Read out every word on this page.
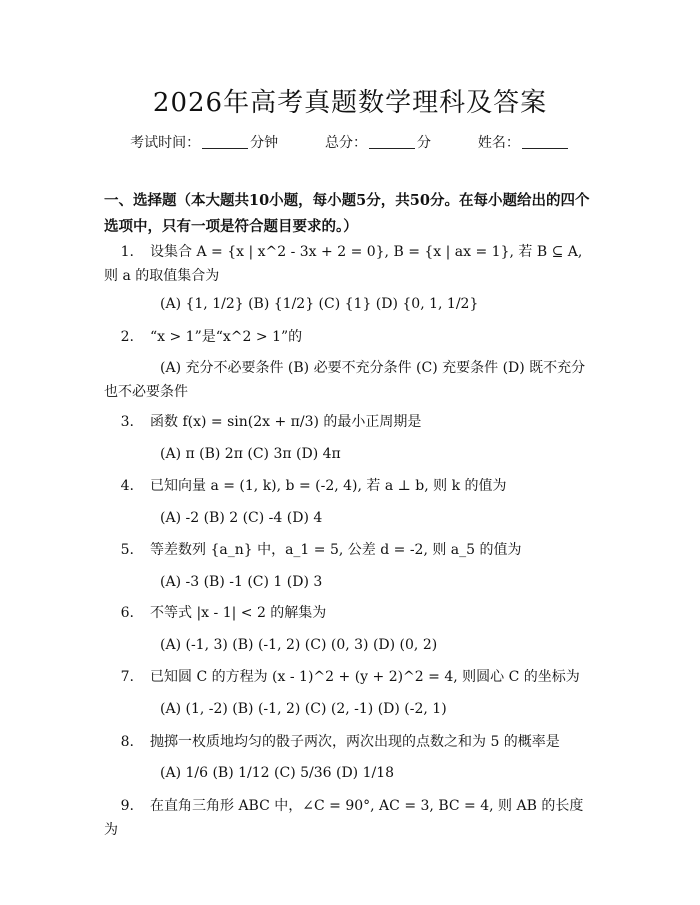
2026年高考真题数学理科及答案
考试时间：	分钟	总分：	分	姓名：
一、选择题（本大题共10小题，每小题5分，共50分。在每小题给出的四个选项中，只有一项是符合题目要求的。）
1. 设集合 A = {x | x^2 - 3x + 2 = 0}, B = {x | ax = 1}, 若 B ⊆ A, 则 a 的取值集合为
(A) {1, 1/2} (B) {1/2} (C) {1} (D) {0, 1, 1/2}
2. “x > 1”是“x^2 > 1”的
(A) 充分不必要条件 (B) 必要不充分条件 (C) 充要条件 (D) 既不充分也不必要条件
3. 函数 f(x) = sin(2x + π/3) 的最小正周期是
(A) π (B) 2π (C) 3π (D) 4π
4. 已知向量 a = (1, k), b = (-2, 4), 若 a ⊥ b, 则 k 的值为
(A) -2 (B) 2 (C) -4 (D) 4
5. 等差数列 {a_n} 中，a_1 = 5, 公差 d = -2, 则 a_5 的值为
(A) -3 (B) -1 (C) 1 (D) 3
6. 不等式 |x - 1| < 2 的解集为
(A) (-1, 3) (B) (-1, 2) (C) (0, 3) (D) (0, 2)
7. 已知圆 C 的方程为 (x - 1)^2 + (y + 2)^2 = 4, 则圆心 C 的坐标为
(A) (1, -2) (B) (-1, 2) (C) (2, -1) (D) (-2, 1)
8. 抛掷一枚质地均匀的骰子两次，两次出现的点数之和为 5 的概率是
(A) 1/6 (B) 1/12 (C) 5/36 (D) 1/18
9. 在直角三角形 ABC 中，∠C = 90°, AC = 3, BC = 4, 则 AB 的长度为
